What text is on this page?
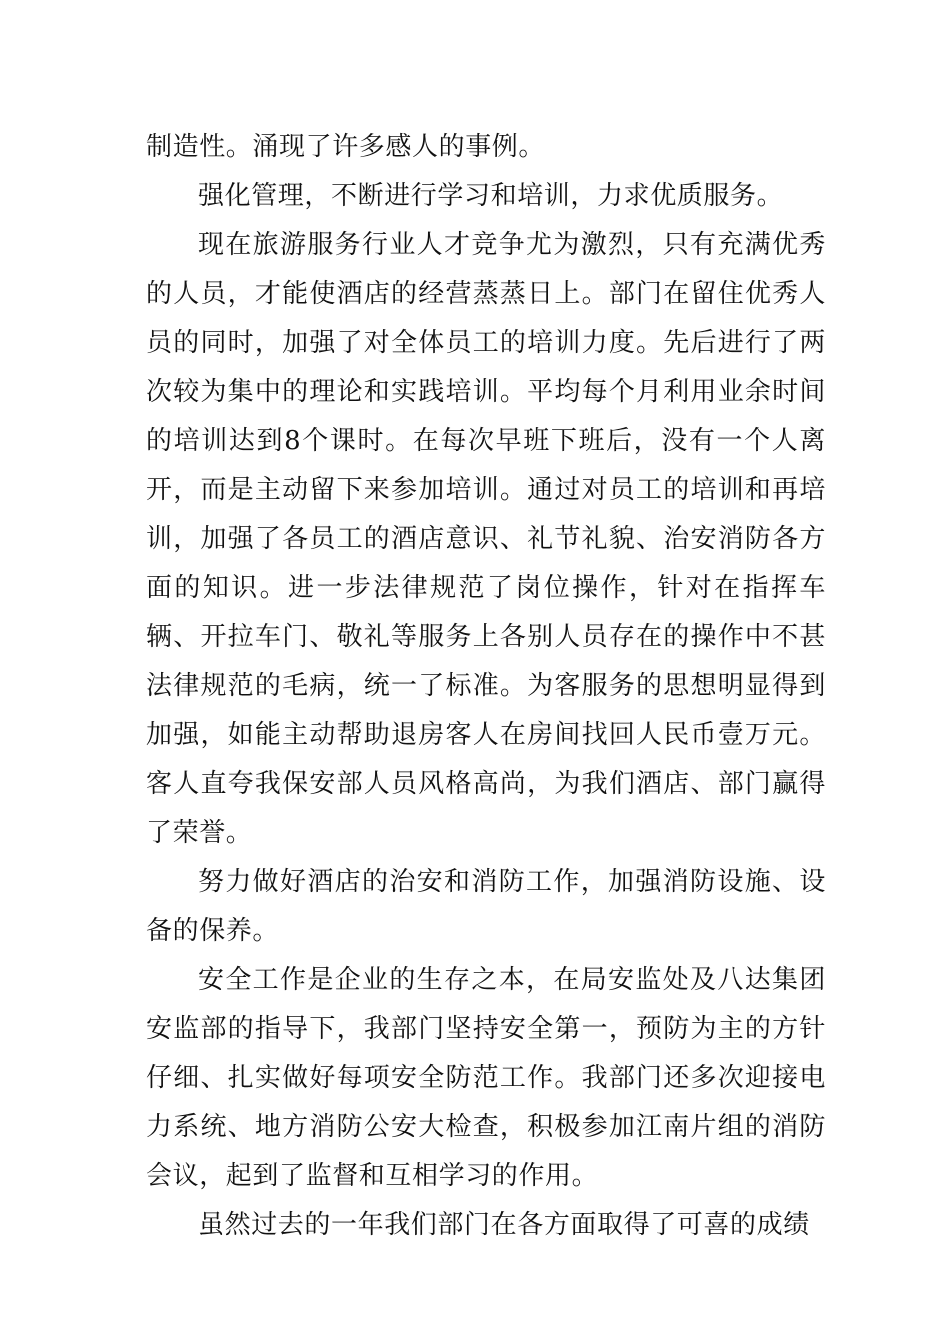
制造性。涌现了许多感人的事例。

强化管理，不断进行学习和培训，力求优质服务。

现在旅游服务行业人才竞争尤为激烈，只有充满优秀的人员，才能使酒店的经营蒸蒸日上。部门在留住优秀人员的同时，加强了对全体员工的培训力度。先后进行了两次较为集中的理论和实践培训。平均每个月利用业余时间的培训达到8个课时。在每次早班下班后，没有一个人离开，而是主动留下来参加培训。通过对员工的培训和再培训，加强了各员工的酒店意识、礼节礼貌、治安消防各方面的知识。进一步法律规范了岗位操作，针对在指挥车辆、开拉车门、敬礼等服务上各别人员存在的操作中不甚法律规范的毛病，统一了标准。为客服务的思想明显得到加强，如能主动帮助退房客人在房间找回人民币壹万元。客人直夸我保安部人员风格高尚，为我们酒店、部门赢得了荣誉。

努力做好酒店的治安和消防工作，加强消防设施、设备的保养。

安全工作是企业的生存之本，在局安监处及八达集团安监部的指导下，我部门坚持安全第一，预防为主的方针仔细、扎实做好每项安全防范工作。我部门还多次迎接电力系统、地方消防公安大检查，积极参加江南片组的消防会议，起到了监督和互相学习的作用。

虽然过去的一年我们部门在各方面取得了可喜的成绩
